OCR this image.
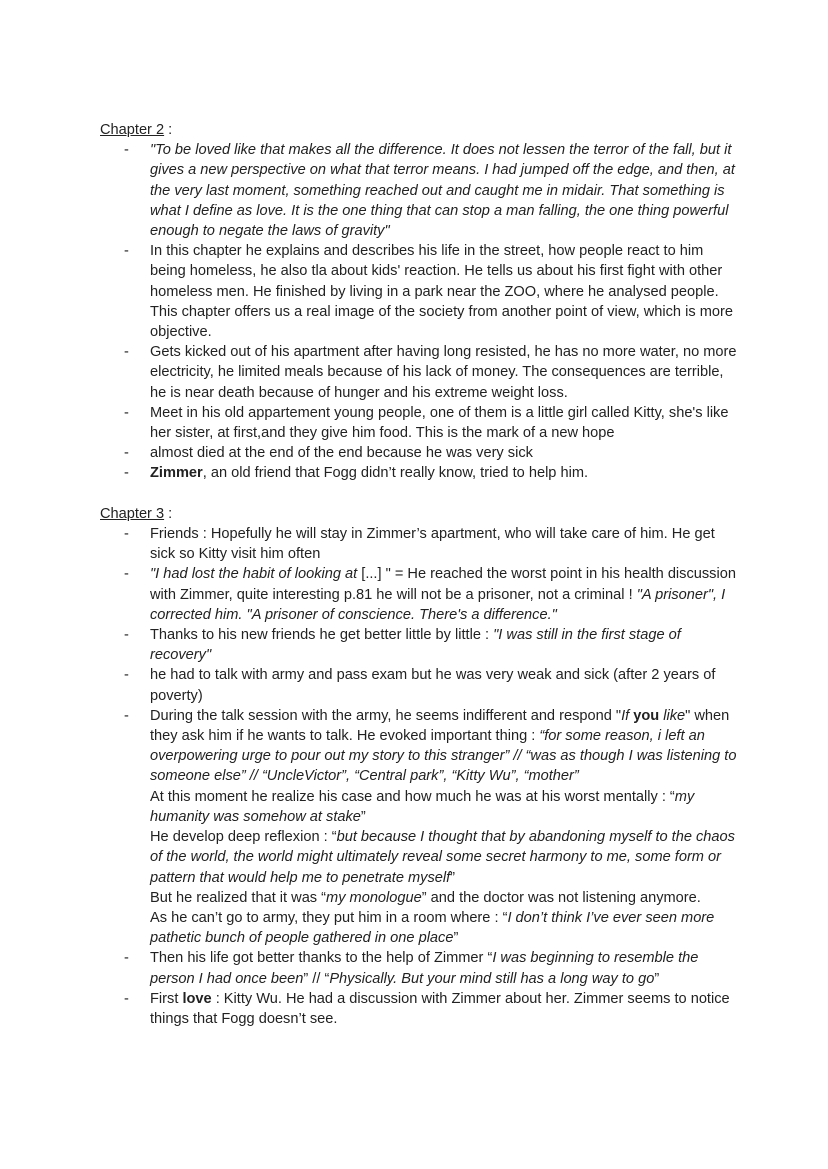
Chapter 2 :

- "To be loved like that makes all the difference. It does not lessen the terror of the fall, but it gives a new perspective on what that terror means. I had jumped off the edge, and then, at the very last moment, something reached out and caught me in midair. That something is what I define as love. It is the one thing that can stop a man falling, the one thing powerful enough to negate the laws of gravity"
- In this chapter he explains and describes his life in the street, how people react to him being homeless, he also tla about kids' reaction. He tells us about his first fight with other homeless men. He finished by living in a park near the ZOO, where he analysed people. This chapter offers us a real image of the society from another point of view, which is more objective.
- Gets kicked out of his apartment after having long resisted, he has no more water, no more electricity, he limited meals because of his lack of money. The consequences are terrible, he is near death because of hunger and his extreme weight loss.
- Meet in his old appartement young people, one of them is a little girl called Kitty, she's like her sister, at first,and they give him food. This is the mark of a new hope
- almost died at the end of the end because he was very sick
- Zimmer, an old friend that Fogg didn’t really know, tried to help him.

Chapter 3 :

- Friends : Hopefully he will stay in Zimmer’s apartment, who will take care of him. He get sick so Kitty visit him often
- "I had lost the habit of looking at [...] " = He reached the worst point in his health discussion with Zimmer, quite interesting p.81 he will not be a prisoner, not a criminal ! "A prisoner", I corrected him. "A prisoner of conscience. There's a difference."
- Thanks to his new friends he get better little by little : "I was still in the first stage of recovery"
- he had to talk with army and pass exam but he was very weak and sick (after 2 years of poverty)
- During the talk session with the army, he seems indifferent and respond "If you like" when they ask him if he wants to talk. He evoked important thing : “for some reason, i left an overpowering urge to pour out my story to this stranger” // “was as though I was listening to someone else” // “UncleVictor”, “Central park”, “Kitty Wu”, “mother”
At this moment he realize his case and how much he was at his worst mentally : “my humanity was somehow at stake”
He develop deep reflexion : “but because I thought that by abandoning myself to the chaos of the world, the world might ultimately reveal some secret harmony to me, some form or pattern that would help me to penetrate myself”
But he realized that it was “my monologue” and the doctor was not listening anymore.
As he can’t go to army, they put him in a room where : “I don’t think I’ve ever seen more pathetic bunch of people gathered in one place”
- Then his life got better thanks to the help of Zimmer “I was beginning to resemble the person I had once been” // “Physically. But your mind still has a long way to go”
- First love : Kitty Wu. He had a discussion with Zimmer about her. Zimmer seems to notice things that Fogg doesn’t see.
